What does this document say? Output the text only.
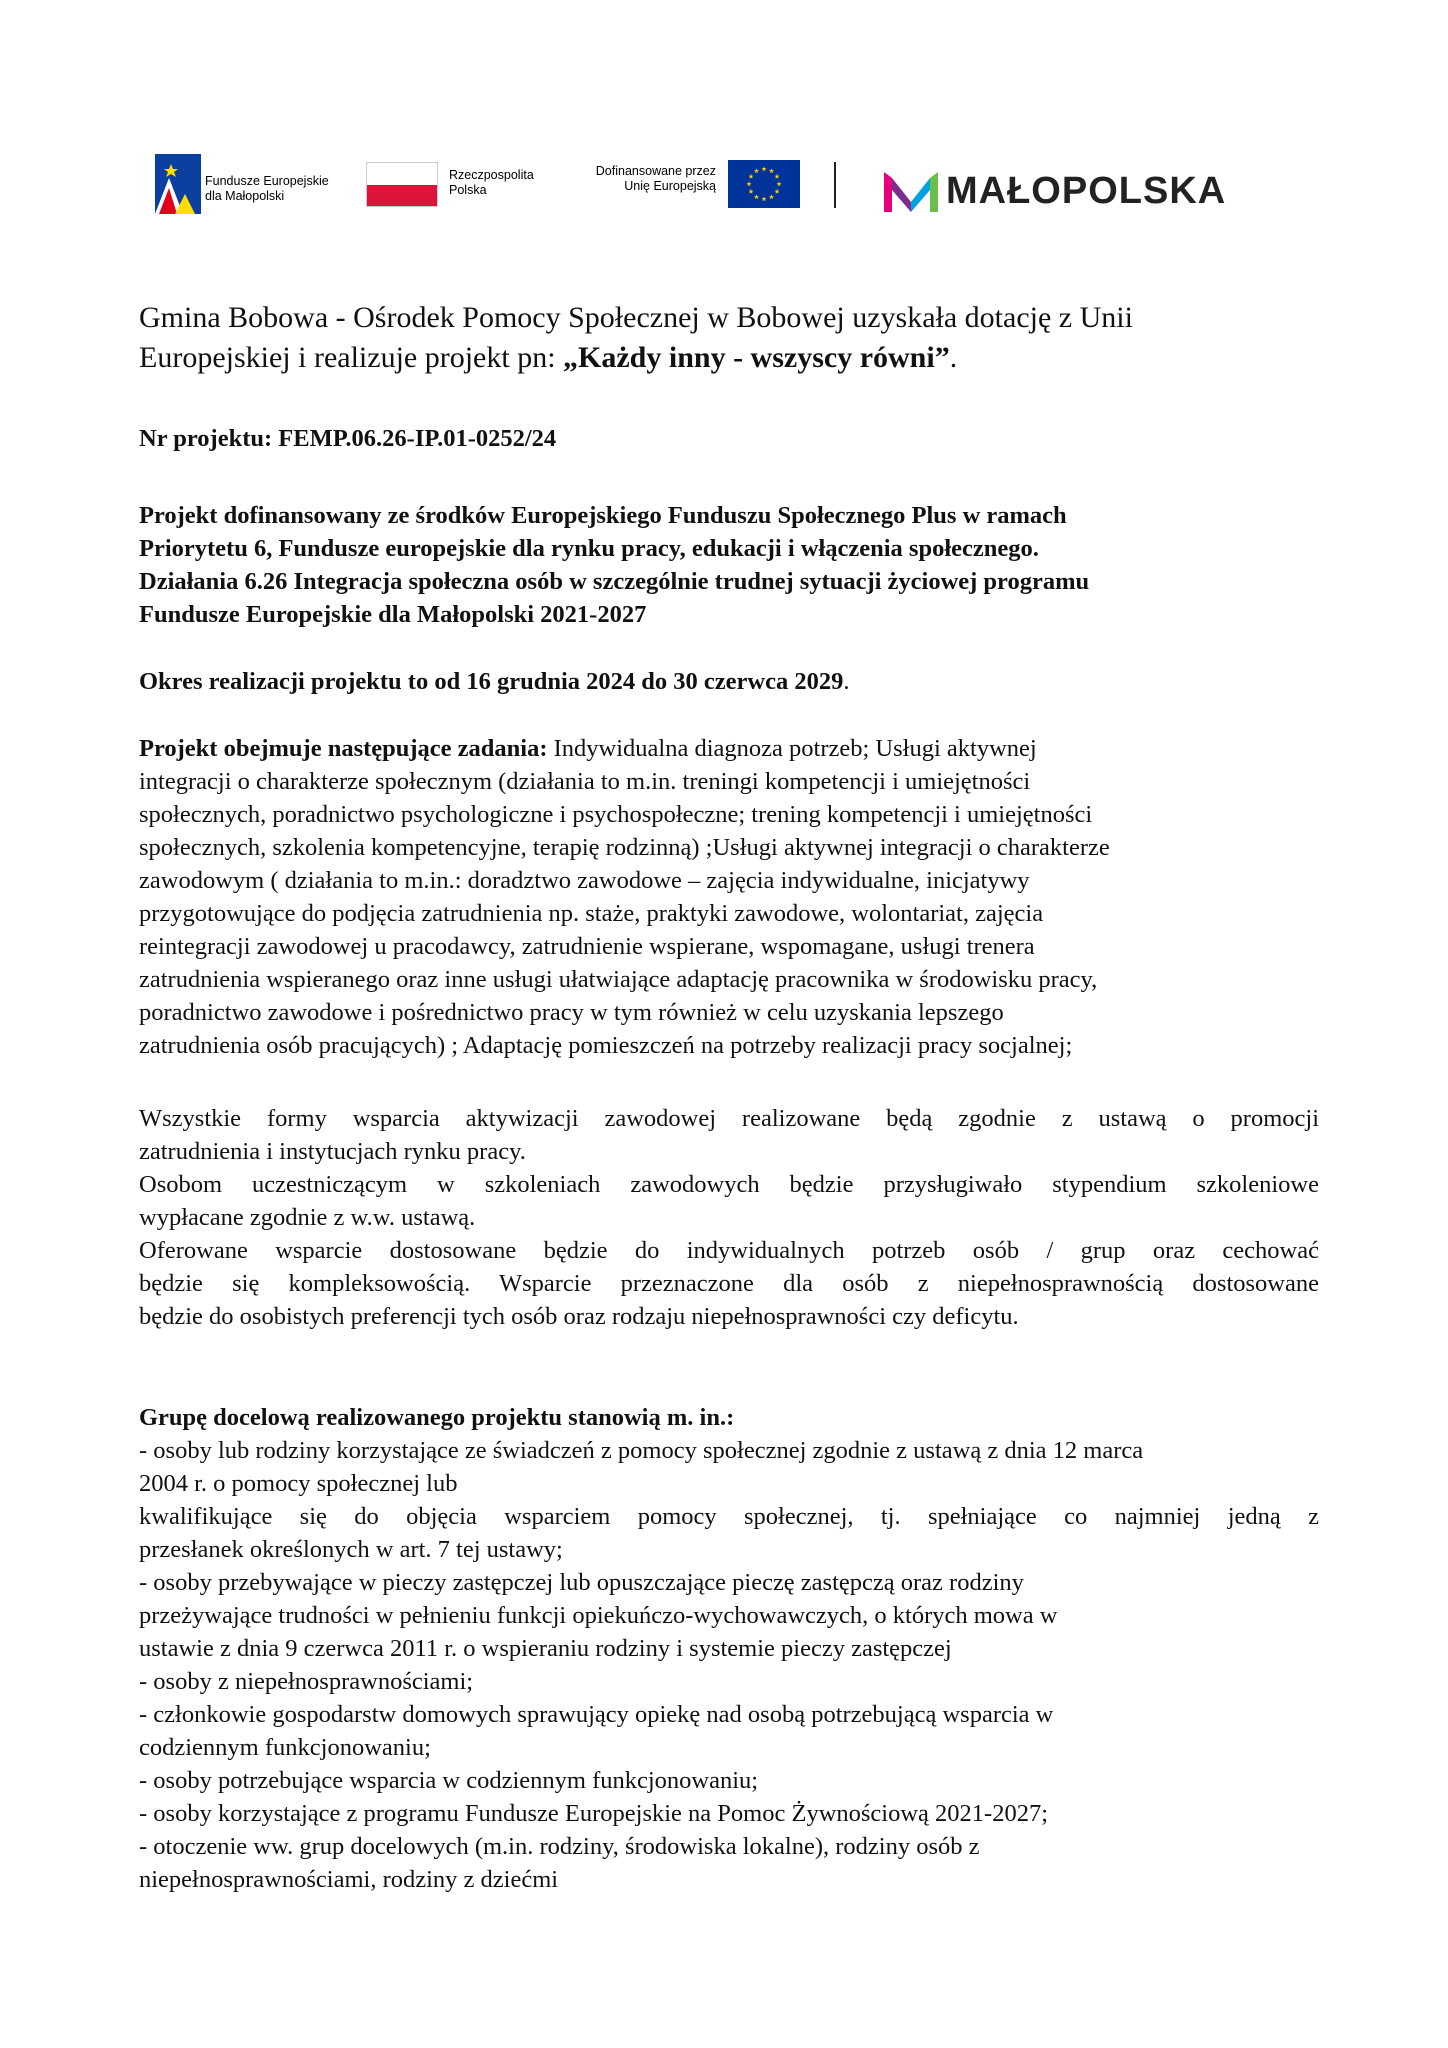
Fundusze Europejskie
dla Małopolski
Rzeczpospolita
Polska
Dofinansowane przez
Unię Europejską	MAŁOPOLSKA

Gmina Bobowa - Ośrodek Pomocy Społecznej w Bobowej uzyskała dotację z Unii

Europejskiej i realizuje projekt pn: „Każdy inny - wszyscy równi”.

Nr projektu: FEMP.06.26-IP.01-0252/24

Projekt dofinansowany ze środków Europejskiego Funduszu Społecznego Plus w ramach

Priorytetu 6, Fundusze europejskie dla rynku pracy, edukacji i włączenia społecznego.

Działania 6.26 Integracja społeczna osób w szczególnie trudnej sytuacji życiowej programu

Fundusze Europejskie dla Małopolski 2021-2027

Okres realizacji projektu to od 16 grudnia 2024 do 30 czerwca 2029.

Projekt obejmuje następujące zadania: Indywidualna diagnoza potrzeb; Usługi aktywnej

integracji o charakterze społecznym (działania to m.in. treningi kompetencji i umiejętności

społecznych, poradnictwo psychologiczne i psychospołeczne; trening kompetencji i umiejętności

społecznych, szkolenia kompetencyjne, terapię rodzinną) ;Usługi aktywnej integracji o charakterze

zawodowym ( działania to m.in.: doradztwo zawodowe – zajęcia indywidualne, inicjatywy

przygotowujące do podjęcia zatrudnienia np. staże, praktyki zawodowe, wolontariat, zajęcia

reintegracji zawodowej u pracodawcy, zatrudnienie wspierane, wspomagane, usługi trenera

zatrudnienia wspieranego oraz inne usługi ułatwiające adaptację pracownika w środowisku pracy,

poradnictwo zawodowe i pośrednictwo pracy w tym również w celu uzyskania lepszego

zatrudnienia osób pracujących) ; Adaptację pomieszczeń na potrzeby realizacji pracy socjalnej;

Wszystkie formy wsparcia aktywizacji zawodowej realizowane będą zgodnie z ustawą o promocji

zatrudnienia i instytucjach rynku pracy.

Osobom uczestniczącym w szkoleniach zawodowych będzie przysługiwało stypendium szkoleniowe

wypłacane zgodnie z w.w. ustawą.

Oferowane wsparcie dostosowane będzie do indywidualnych potrzeb osób / grup oraz cechować

będzie się kompleksowością. Wsparcie przeznaczone dla osób z niepełnosprawnością dostosowane

będzie do osobistych preferencji tych osób oraz rodzaju niepełnosprawności czy deficytu.

Grupę docelową realizowanego projektu stanowią m. in.:

- osoby lub rodziny korzystające ze świadczeń z pomocy społecznej zgodnie z ustawą z dnia 12 marca

2004 r. o pomocy społecznej lub

kwalifikujące się do objęcia wsparciem pomocy społecznej, tj. spełniające co najmniej jedną z

przesłanek określonych w art. 7 tej ustawy;

- osoby przebywające w pieczy zastępczej lub opuszczające pieczę zastępczą oraz rodziny

przeżywające trudności w pełnieniu funkcji opiekuńczo-wychowawczych, o których mowa w

ustawie z dnia 9 czerwca 2011 r. o wspieraniu rodziny i systemie pieczy zastępczej

- osoby z niepełnosprawnościami;

- członkowie gospodarstw domowych sprawujący opiekę nad osobą potrzebującą wsparcia w

codziennym funkcjonowaniu;

- osoby potrzebujące wsparcia w codziennym funkcjonowaniu;

- osoby korzystające z programu Fundusze Europejskie na Pomoc Żywnościową 2021-2027;

- otoczenie ww. grup docelowych (m.in. rodziny, środowiska lokalne), rodziny osób z

niepełnosprawnościami, rodziny z dziećmi
